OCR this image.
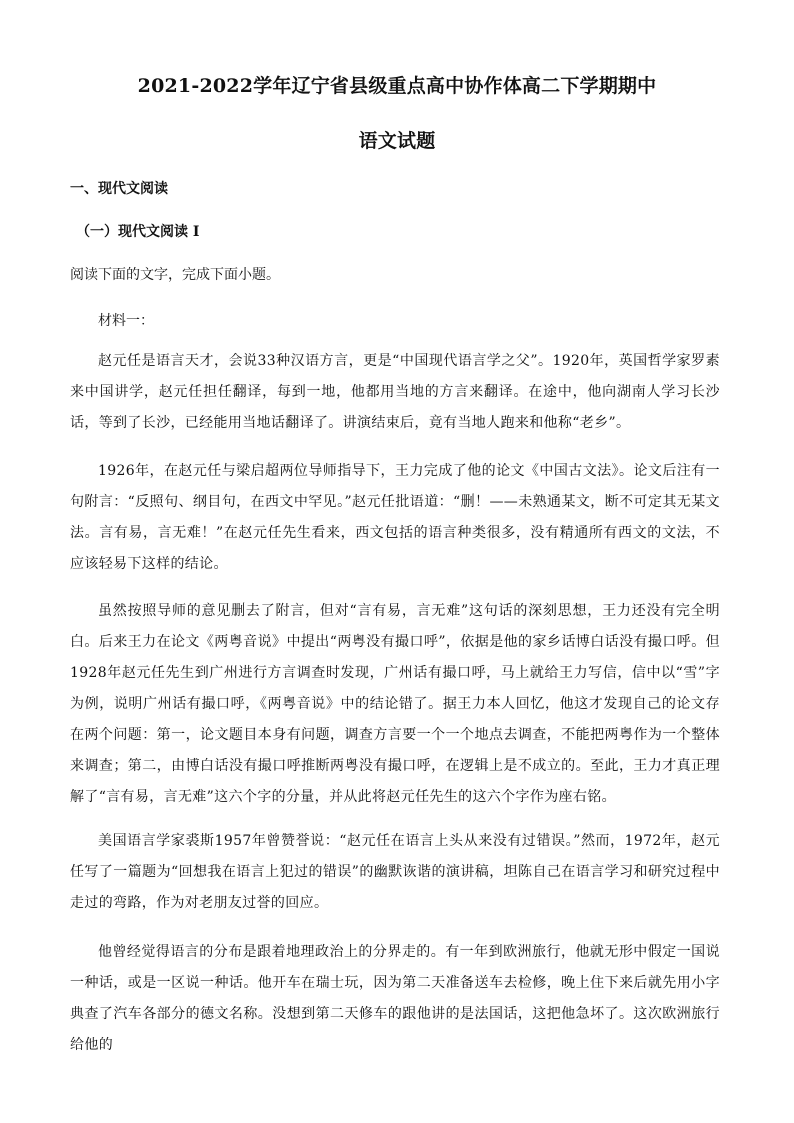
2021-2022学年辽宁省县级重点高中协作体高二下学期期中
语文试题
一、现代文阅读
（一）现代文阅读 I
阅读下面的文字，完成下面小题。
材料一：
赵元任是语言天才，会说33种汉语方言，更是“中国现代语言学之父”。1920年，英国哲学家罗素来中国讲学，赵元任担任翻译，每到一地，他都用当地的方言来翻译。在途中，他向湖南人学习长沙话，等到了长沙，已经能用当地话翻译了。讲演结束后，竟有当地人跑来和他称“老乡”。
1926年，在赵元任与梁启超两位导师指导下，王力完成了他的论文《中国古文法》。论文后注有一句附言：“反照句、纲目句，在西文中罕见。”赵元任批语道：“删！——未熟通某文，断不可定其无某文法。言有易，言无难！”在赵元任先生看来，西文包括的语言种类很多，没有精通所有西文的文法，不应该轻易下这样的结论。
虽然按照导师的意见删去了附言，但对“言有易，言无难”这句话的深刻思想，王力还没有完全明白。后来王力在论文《两粤音说》中提出“两粤没有撮口呼”，依据是他的家乡话博白话没有撮口呼。但1928年赵元任先生到广州进行方言调查时发现，广州话有撮口呼，马上就给王力写信，信中以“雪”字为例，说明广州话有撮口呼，《两粤音说》中的结论错了。据王力本人回忆，他这才发现自己的论文存在两个问题：第一，论文题目本身有问题，调查方言要一个一个地点去调查，不能把两粤作为一个整体来调查；第二，由博白话没有撮口呼推断两粤没有撮口呼，在逻辑上是不成立的。至此，王力才真正理解了“言有易，言无难”这六个字的分量，并从此将赵元任先生的这六个字作为座右铭。
美国语言学家裘斯1957年曾赞誉说：“赵元任在语言上头从来没有过错误。”然而，1972年，赵元任写了一篇题为“回想我在语言上犯过的错误”的幽默诙谐的演讲稿，坦陈自己在语言学习和研究过程中走过的弯路，作为对老朋友过誉的回应。
他曾经觉得语言的分布是跟着地理政治上的分界走的。有一年到欧洲旅行，他就无形中假定一国说一种话，或是一区说一种话。他开车在瑞士玩，因为第二天准备送车去检修，晚上住下来后就先用小字典查了汽车各部分的德文名称。没想到第二天修车的跟他讲的是法国话，这把他急坏了。这次欧洲旅行给他的
